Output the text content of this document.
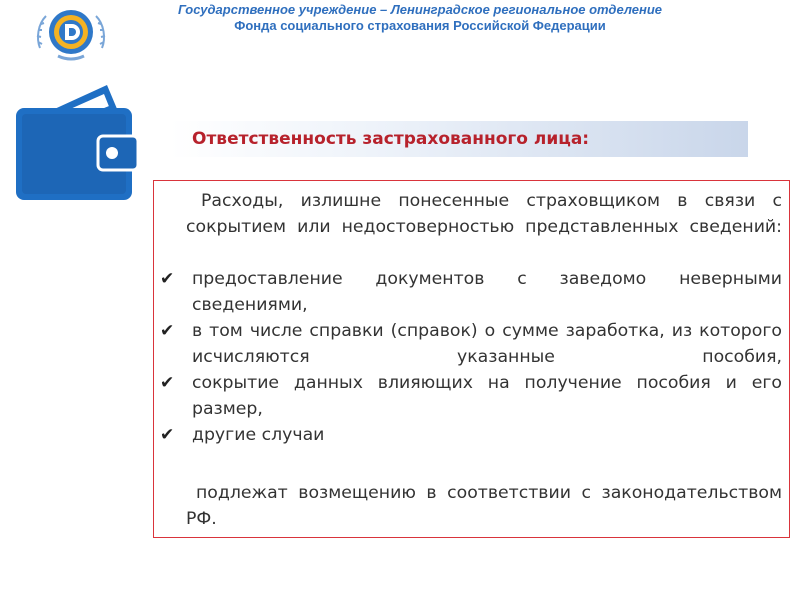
Государственное учреждение – Ленинградское региональное отделение
Фонда социального страхования Российской Федерации
Ответственность застрахованного лица:
Расходы, излишне понесенные страховщиком в связи с сокрытием или недостоверностью представленных сведений:
✔ предоставление документов с заведомо неверными сведениями,
✔ в том числе справки (справок) о сумме заработка, из которого исчисляются указанные пособия,
✔ сокрытие данных влияющих на получение пособия и его размер,
✔ другие случаи
подлежат возмещению в соответствии с законодательством РФ.
